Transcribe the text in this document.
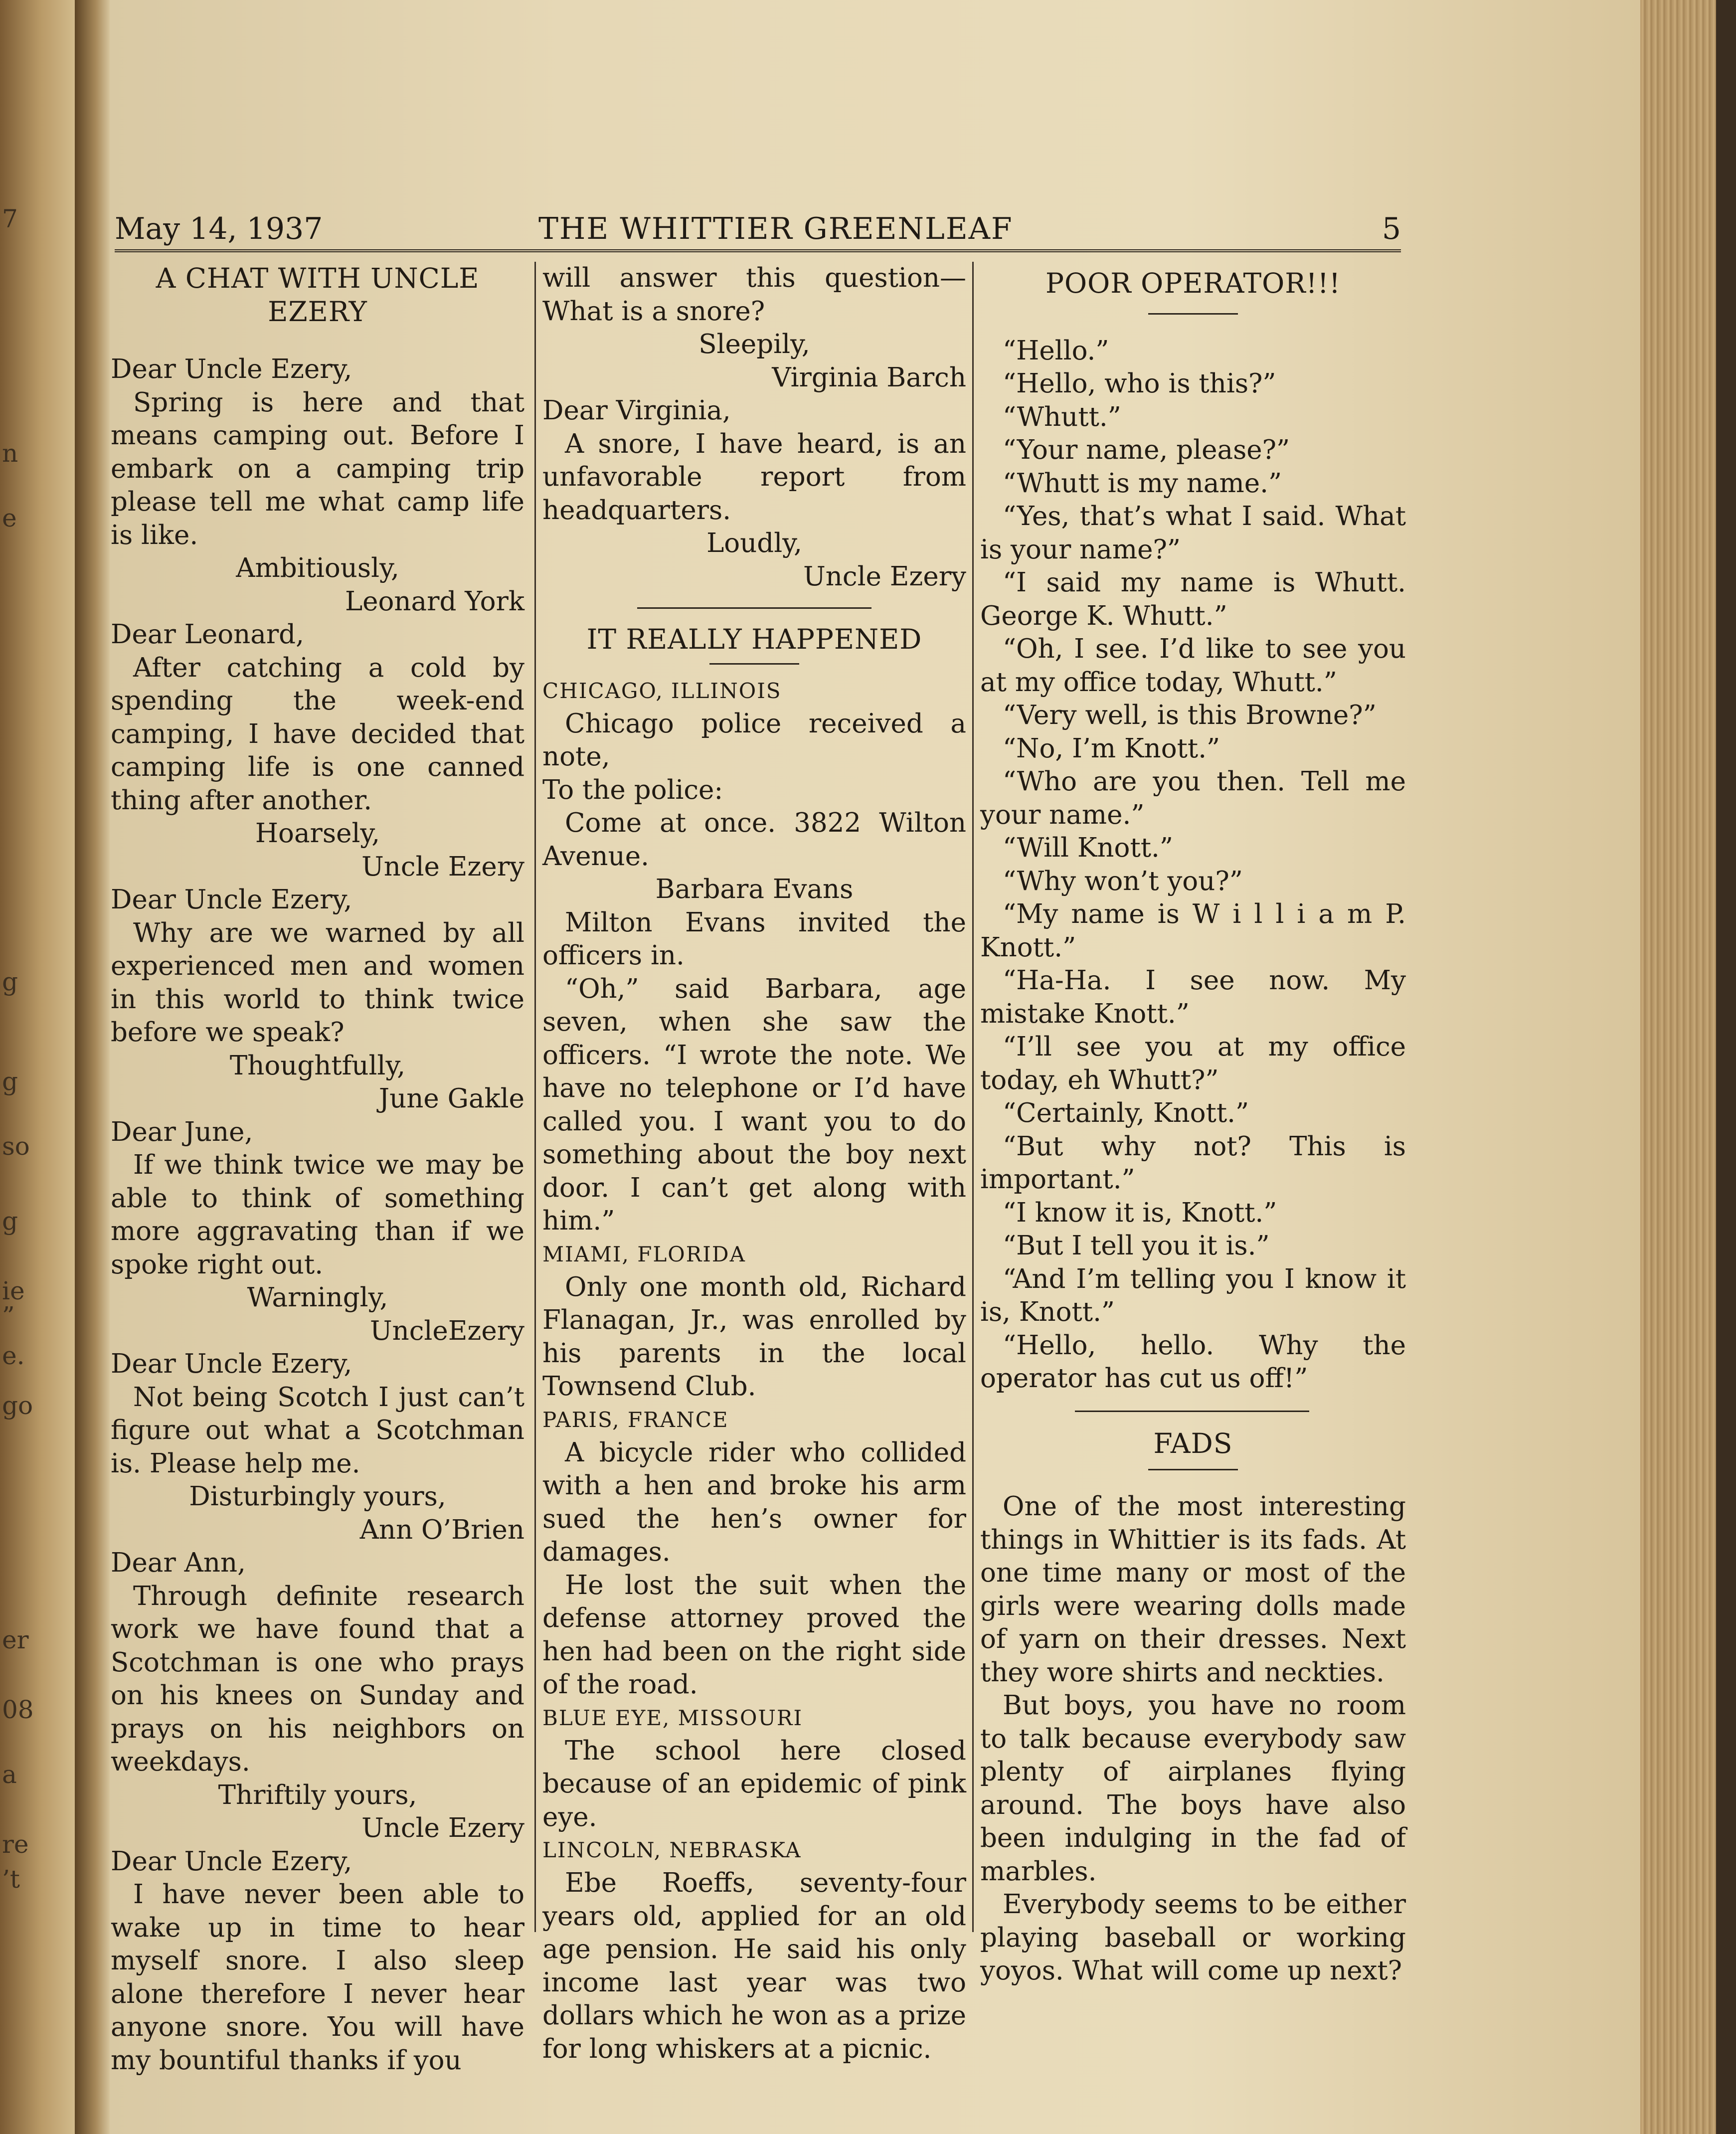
7
n
e
g
g
so
g
ie
”
e.
go
er
08
a
re
’t
May 14, 1937	THE WHITTIER GREENLEAF	5
A CHAT WITH UNCLE EZERY

Dear Uncle Ezery,

Spring is here and that means camping out. Before I embark on a camping trip please tell me what camp life is like.

Ambitiously,

Leonard York

Dear Leonard,

After catching a cold by spending the week-end camping, I have decided that camping life is one canned thing after another.

Hoarsely,

Uncle Ezery

Dear Uncle Ezery,

Why are we warned by all experienced men and women in this world to think twice before we speak?

Thoughtfully,

June Gakle

Dear June,

If we think twice we may be able to think of something more aggravating than if we spoke right out.

Warningly,

UncleEzery

Dear Uncle Ezery,

Not being Scotch I just can’t figure out what a Scotchman is. Please help me.

Disturbingly yours,

Ann O’Brien

Dear Ann,

Through definite research work we have found that a Scotchman is one who prays on his knees on Sunday and prays on his neighbors on weekdays.

Thriftily yours,

Uncle Ezery

Dear Uncle Ezery,

I have never been able to wake up in time to hear myself snore. I also sleep alone therefore I never hear anyone snore. You will have my bountiful thanks if you

will answer this question— What is a snore?

Sleepily,

Virginia Barch

Dear Virginia,

A snore, I have heard, is an unfavorable report from headquarters.

Loudly,

Uncle Ezery

IT REALLY HAPPENED

CHICAGO, ILLINOIS

Chicago police received a note,

To the police:

Come at once. 3822 Wilton Avenue.

Barbara Evans

Milton Evans invited the officers in.

“Oh,” said Barbara, age seven, when she saw the officers. “I wrote the note. We have no telephone or I’d have called you. I want you to do something about the boy next door. I can’t get along with him.”

MIAMI, FLORIDA

Only one month old, Richard Flanagan, Jr., was enrolled by his parents in the local Townsend Club.

PARIS, FRANCE

A bicycle rider who collided with a hen and broke his arm sued the hen’s owner for damages.

He lost the suit when the defense attorney proved the hen had been on the right side of the road.

BLUE EYE, MISSOURI

The school here closed because of an epidemic of pink eye.

LINCOLN, NEBRASKA

Ebe Roeffs, seventy-four years old, applied for an old age pension. He said his only income last year was two dollars which he won as a prize for long whiskers at a picnic.

POOR OPERATOR!!!

“Hello.”

“Hello, who is this?”

“Whutt.”

“Your name, please?”

“Whutt is my name.”

“Yes, that’s what I said. What is your name?”

“I said my name is Whutt. George K. Whutt.”

“Oh, I see. I’d like to see you at my office today, Whutt.”

“Very well, is this Browne?”

“No, I’m Knott.”

“Who are you then. Tell me your name.”

“Will Knott.”

“Why won’t you?”

“My name is W i l l i a m P. Knott.”

“Ha-Ha. I see now. My mistake Knott.”

“I’ll see you at my office today, eh Whutt?”

“Certainly, Knott.”

“But why not? This is important.”

“I know it is, Knott.”

“But I tell you it is.”

“And I’m telling you I know it is, Knott.”

“Hello, hello. Why the operator has cut us off!”

FADS

One of the most interesting things in Whittier is its fads. At one time many or most of the girls were wearing dolls made of yarn on their dresses. Next they wore shirts and neckties.

But boys, you have no room to talk because everybody saw plenty of airplanes flying around. The boys have also been indulging in the fad of marbles.

Everybody seems to be either playing baseball or working yoyos. What will come up next?
